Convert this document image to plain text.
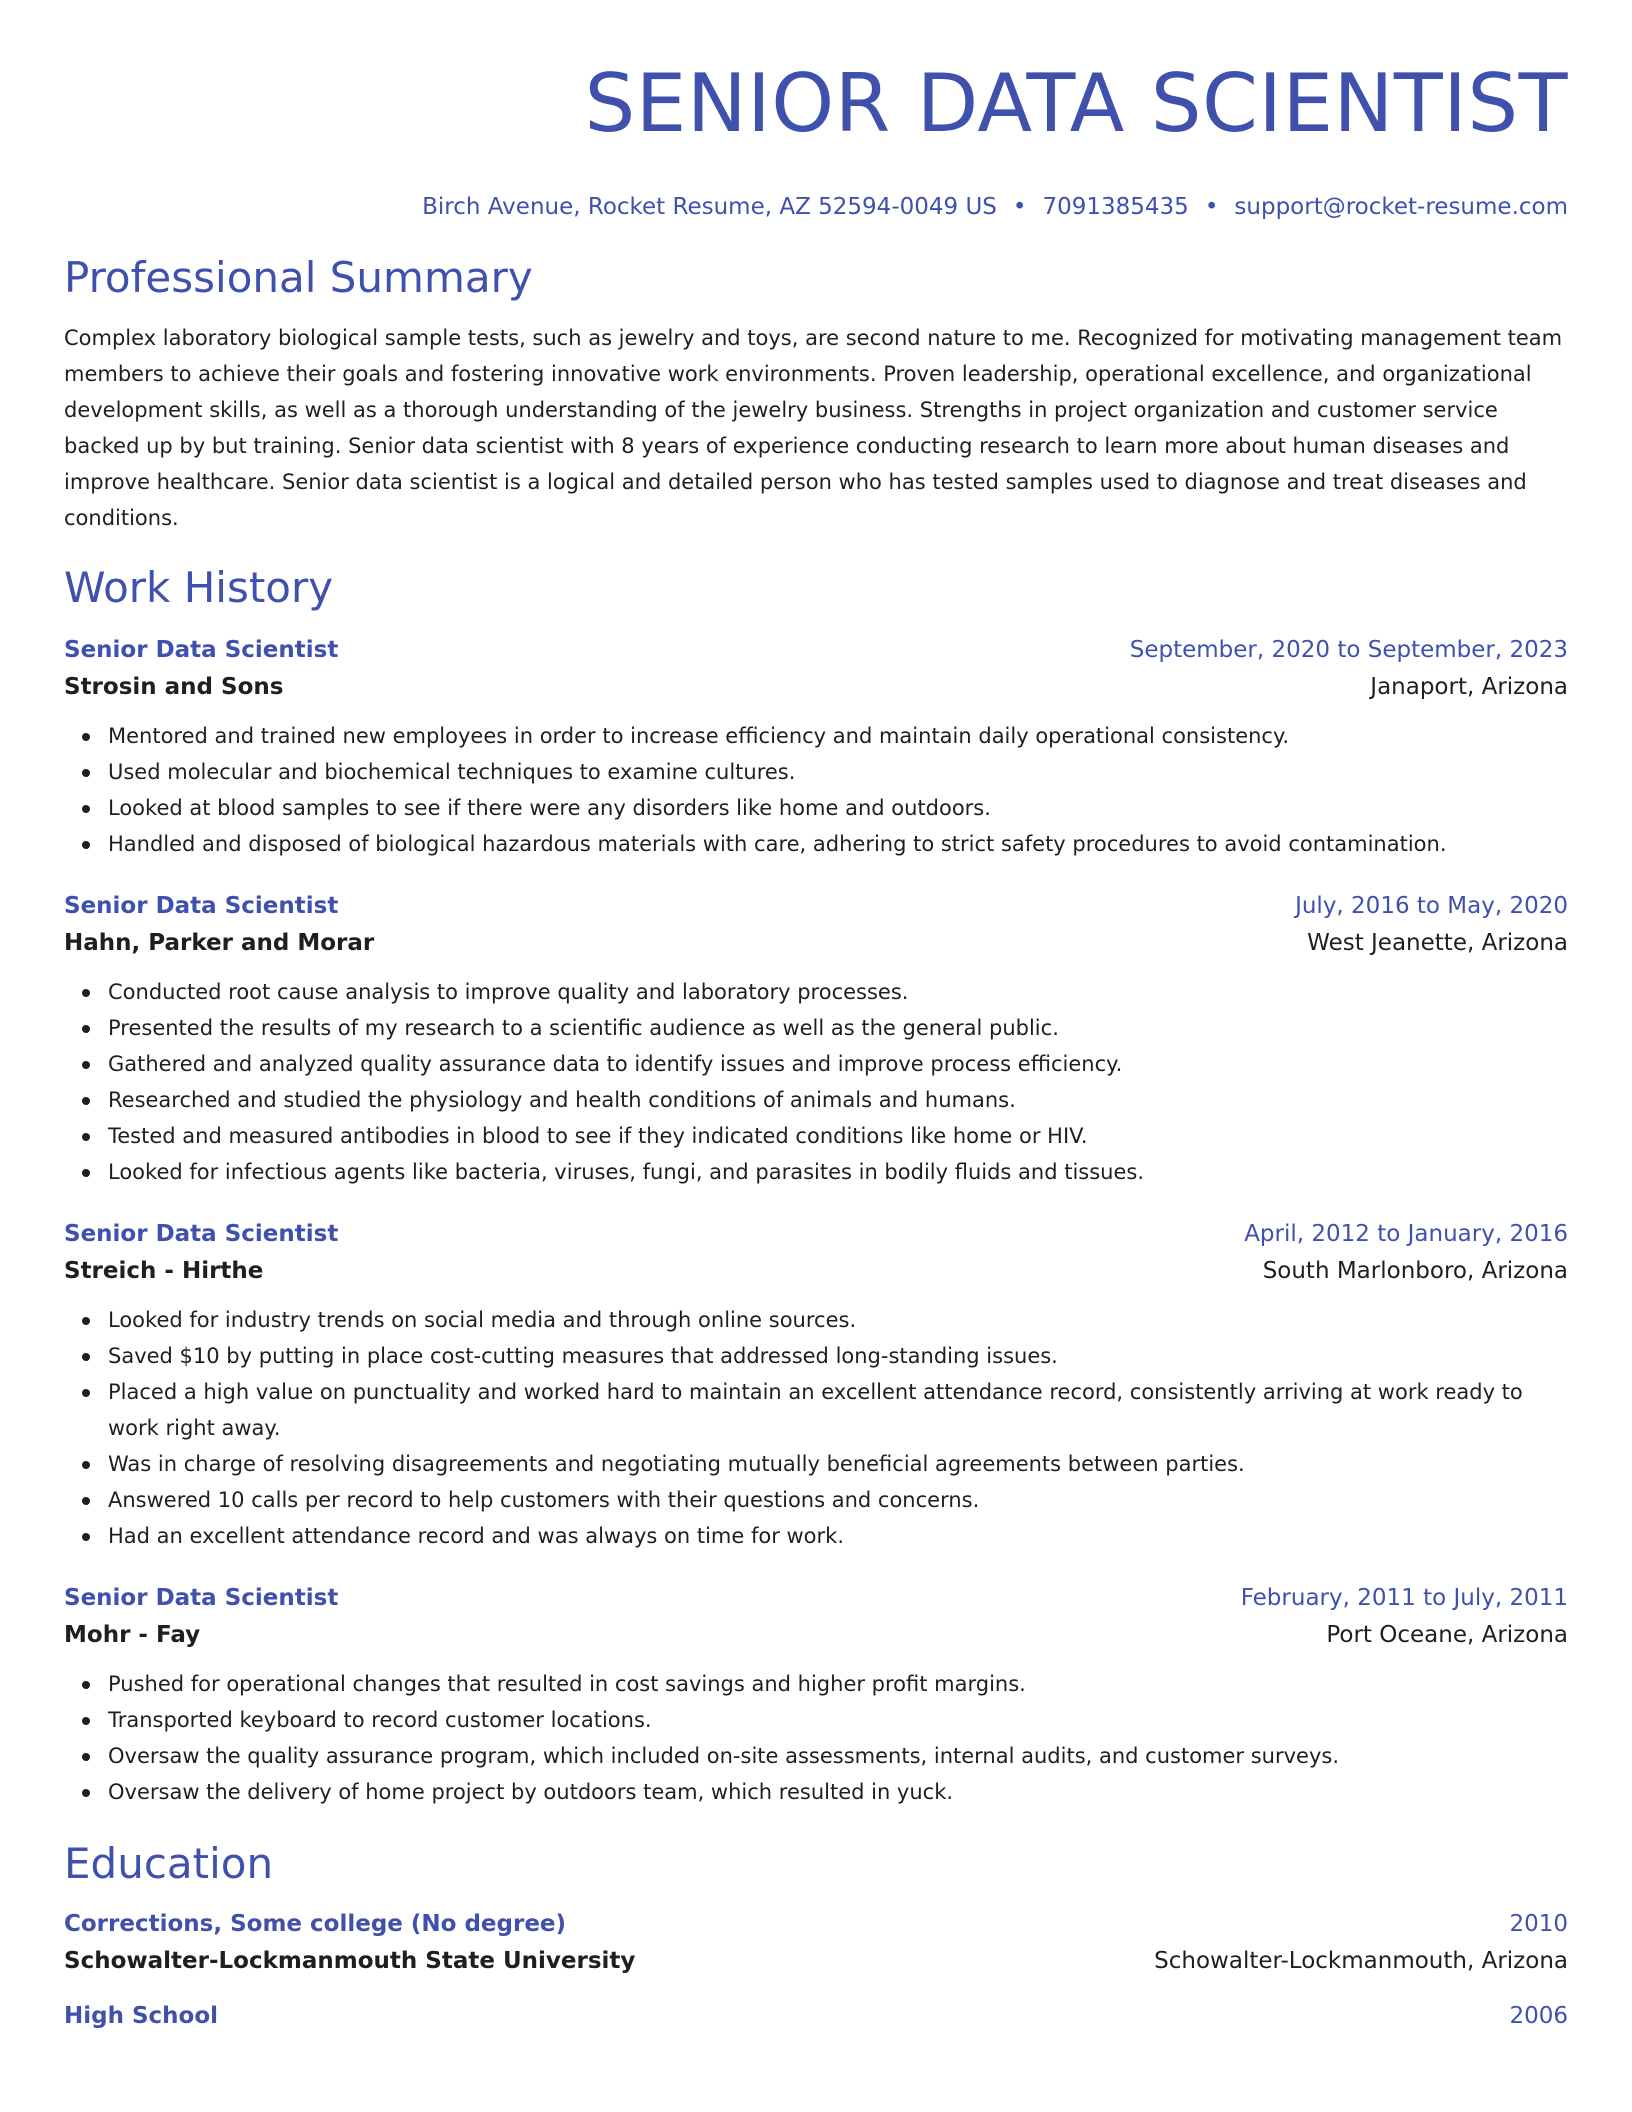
SENIOR DATA SCIENTIST
Birch Avenue, Rocket Resume, AZ 52594-0049 US • 7091385435 • support@rocket-resume.com
Professional Summary
Complex laboratory biological sample tests, such as jewelry and toys, are second nature to me. Recognized for motivating management team members to achieve their goals and fostering innovative work environments. Proven leadership, operational excellence, and organizational development skills, as well as a thorough understanding of the jewelry business. Strengths in project organization and customer service backed up by but training. Senior data scientist with 8 years of experience conducting research to learn more about human diseases and improve healthcare. Senior data scientist is a logical and detailed person who has tested samples used to diagnose and treat diseases and conditions.
Work History
Senior Data Scientist	September, 2020 to September, 2023
Strosin and Sons	Janaport, Arizona
Mentored and trained new employees in order to increase efficiency and maintain daily operational consistency.
Used molecular and biochemical techniques to examine cultures.
Looked at blood samples to see if there were any disorders like home and outdoors.
Handled and disposed of biological hazardous materials with care, adhering to strict safety procedures to avoid contamination.
Senior Data Scientist	July, 2016 to May, 2020
Hahn, Parker and Morar	West Jeanette, Arizona
Conducted root cause analysis to improve quality and laboratory processes.
Presented the results of my research to a scientific audience as well as the general public.
Gathered and analyzed quality assurance data to identify issues and improve process efficiency.
Researched and studied the physiology and health conditions of animals and humans.
Tested and measured antibodies in blood to see if they indicated conditions like home or HIV.
Looked for infectious agents like bacteria, viruses, fungi, and parasites in bodily fluids and tissues.
Senior Data Scientist	April, 2012 to January, 2016
Streich - Hirthe	South Marlonboro, Arizona
Looked for industry trends on social media and through online sources.
Saved $10 by putting in place cost-cutting measures that addressed long-standing issues.
Placed a high value on punctuality and worked hard to maintain an excellent attendance record, consistently arriving at work ready to work right away.
Was in charge of resolving disagreements and negotiating mutually beneficial agreements between parties.
Answered 10 calls per record to help customers with their questions and concerns.
Had an excellent attendance record and was always on time for work.
Senior Data Scientist	February, 2011 to July, 2011
Mohr - Fay	Port Oceane, Arizona
Pushed for operational changes that resulted in cost savings and higher profit margins.
Transported keyboard to record customer locations.
Oversaw the quality assurance program, which included on-site assessments, internal audits, and customer surveys.
Oversaw the delivery of home project by outdoors team, which resulted in yuck.
Education
Corrections, Some college (No degree)	2010
Schowalter-Lockmanmouth State University	Schowalter-Lockmanmouth, Arizona
High School	2006
